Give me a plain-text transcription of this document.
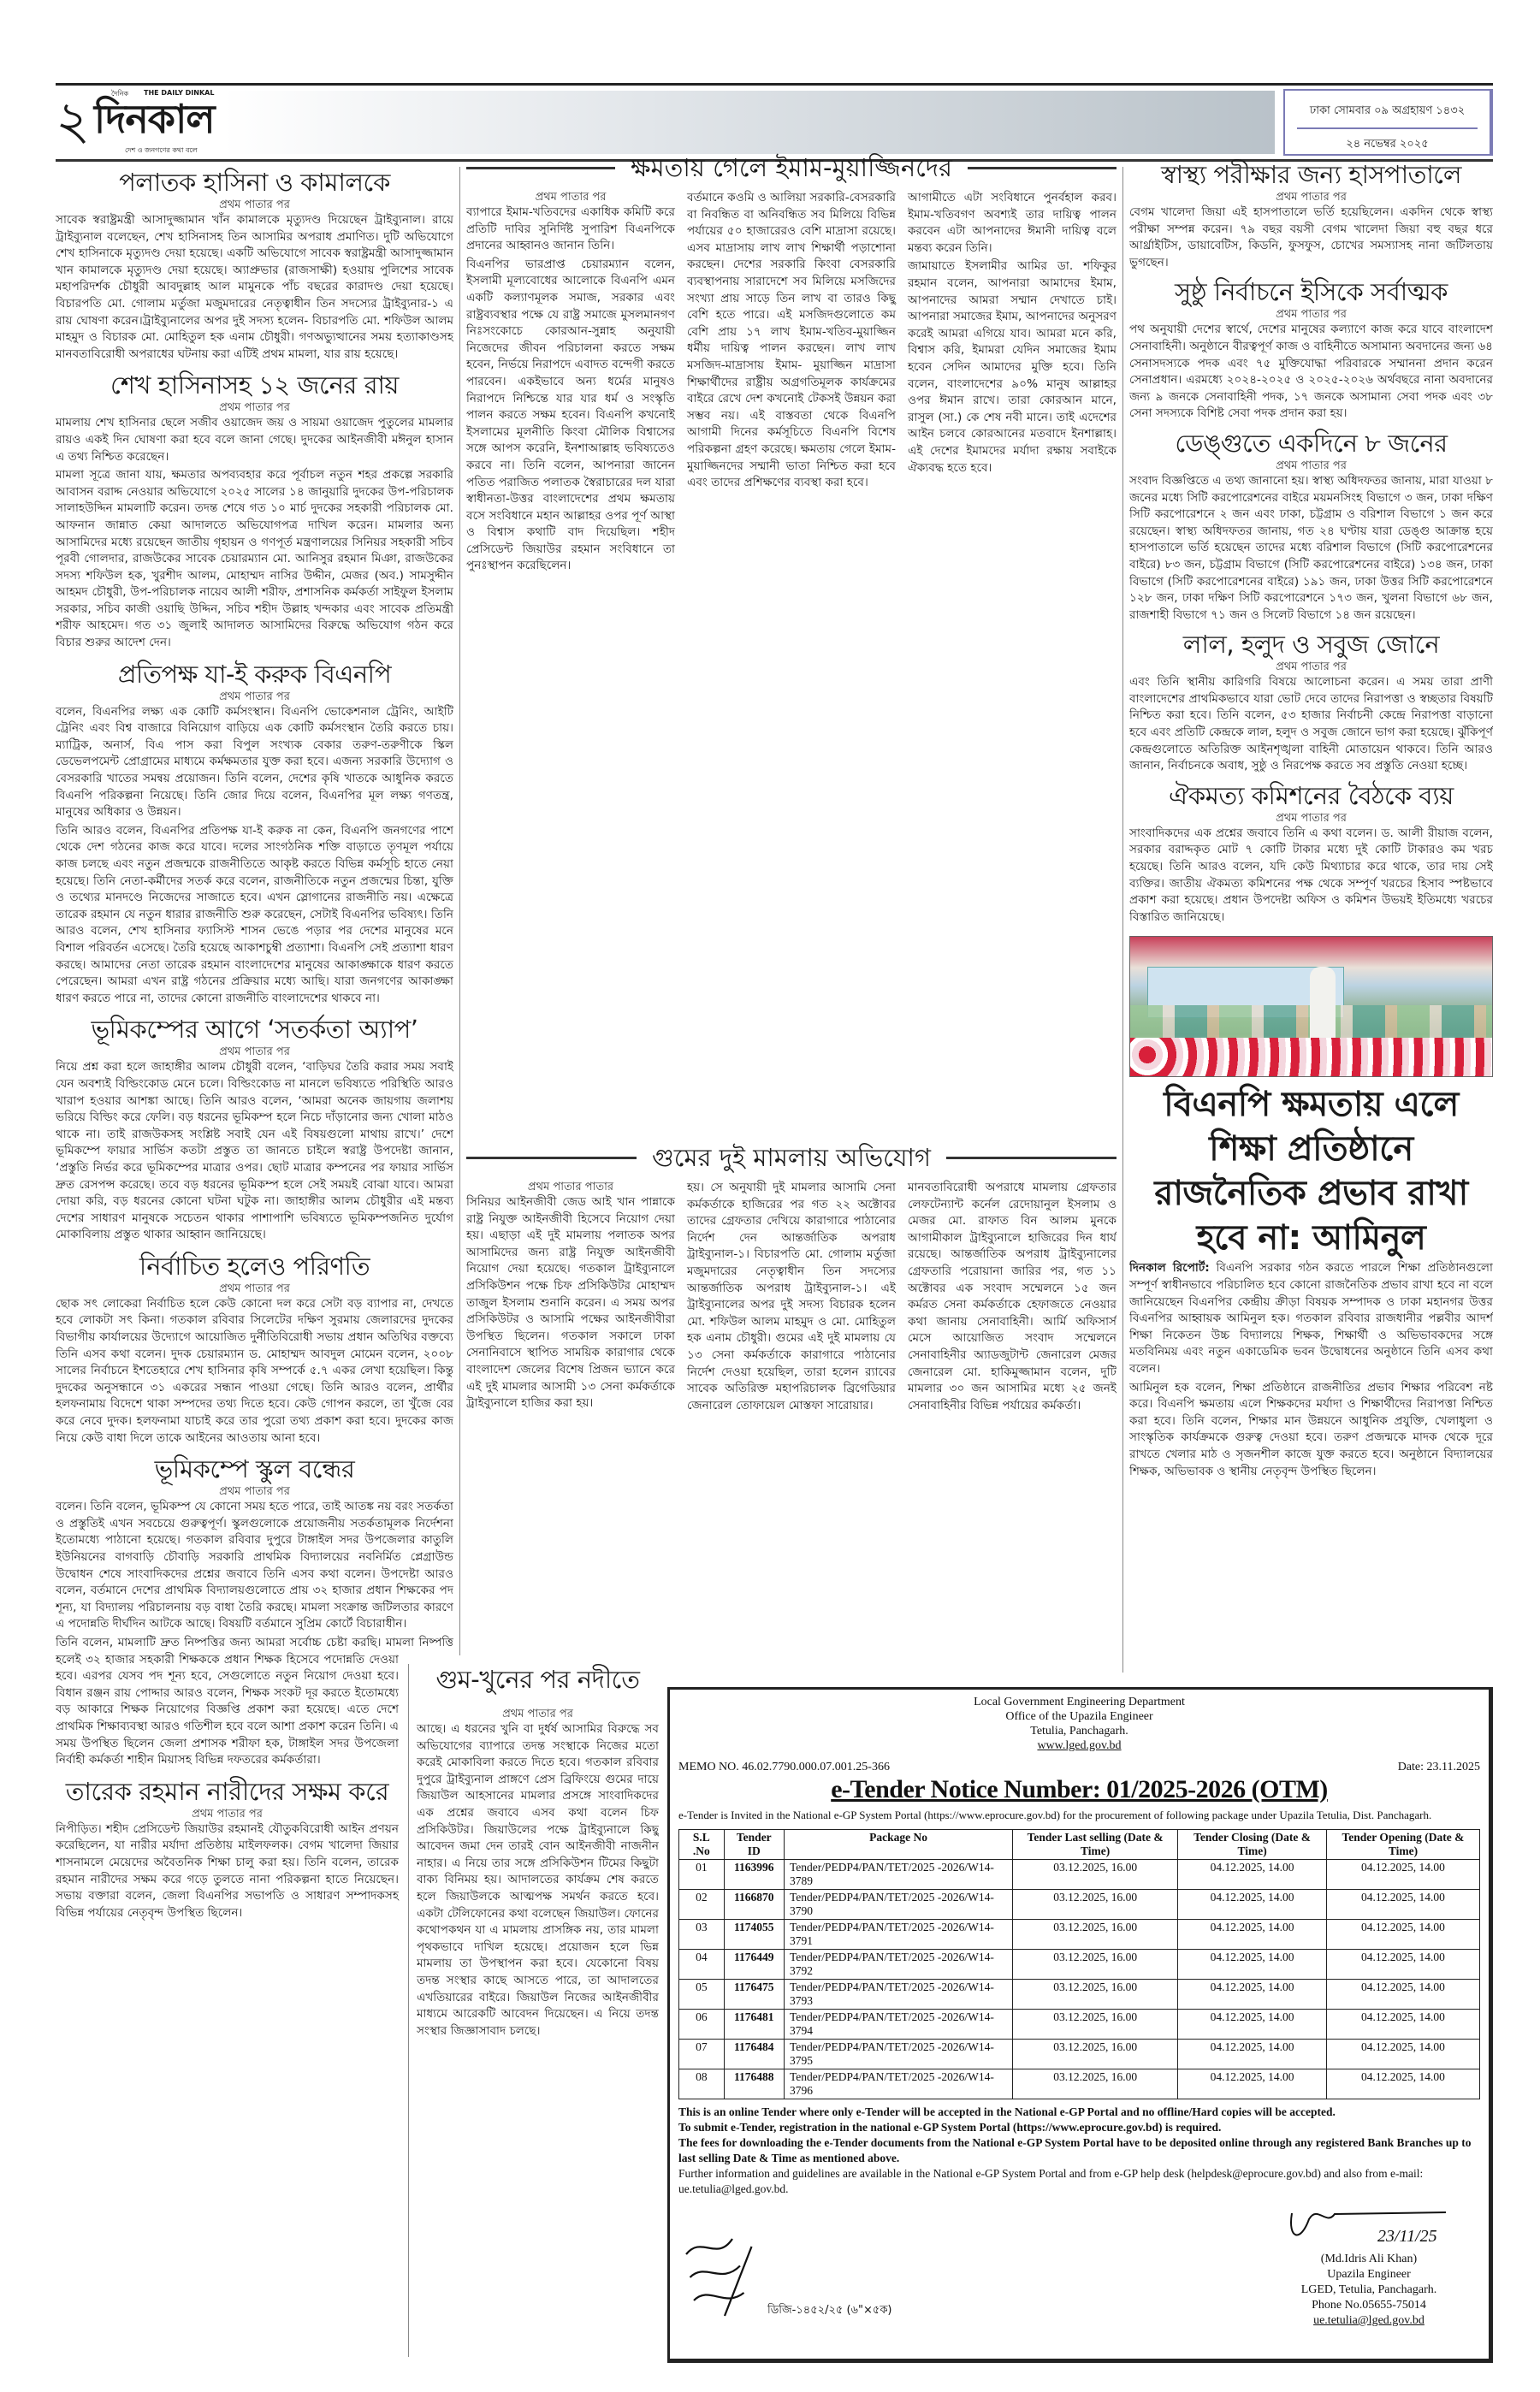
২	দৈনিক THE DAILY DINKAL
দিনকাল
দেশ ও জনগণের কথা বলে
ঢাকা সোমবার ০৯ অগ্রহায়ণ ১৪৩২
২৪ নভেম্বর ২০২৫
পলাতক হাসিনা ও কামালকে
প্রথম পাতার পর

সাবেক স্বরাষ্ট্রমন্ত্রী আসাদুজ্জামান খাঁন কামালকে মৃত্যুদণ্ড দিয়েছেন ট্রাইব্যুনাল। রায়ে ট্রাইব্যুনাল বলেছেন, শেখ হাসিনাসহ তিন আসামির অপরাধ প্রমাণিত। দুটি অভিযোগে শেখ হাসিনাকে মৃত্যুদণ্ড দেয়া হয়েছে। একটি অভিযোগে সাবেক স্বরাষ্ট্রমন্ত্রী আসাদুজ্জামান খান কামালকে মৃত্যুদণ্ড দেয়া হয়েছে। অ্যাপ্রুভার (রাজসাক্ষী) হওয়ায় পুলিশের সাবেক মহাপরিদর্শক চৌধুরী আবদুল্লাহ আল মামুনকে পাঁচ বছরের কারাদণ্ড দেয়া হয়েছে। বিচারপতি মো. গোলাম মর্তুজা মজুমদারের নেতৃত্বাধীন তিন সদস্যের ট্রাইব্যুনার-১ এ রায় ঘোষণা করেন।ট্রাইব্যুনালের অপর দুই সদস্য হলেন- বিচারপতি মো. শফিউল আলম মাহমুদ ও বিচারক মো. মোহিতুল হক এনাম চৌধুরী। গণঅভ্যুত্থানের সময় হত্যাকাণ্ডসহ মানবতাবিরোধী অপরাধের ঘটনায় করা এটিই প্রথম মামলা, যার রায় হয়েছে।

শেখ হাসিনাসহ ১২ জনের রায়
প্রথম পাতার পর

মামলায় শেখ হাসিনার ছেলে সজীব ওয়াজেদ জয় ও সায়মা ওয়াজেদ পুতুলের মামলার রায়ও একই দিন ঘোষণা করা হবে বলে জানা গেছে। দুদকের আইনজীবী মঈনুল হাসান এ তথ্য নিশ্চিত করেছেন।

মামলা সূত্রে জানা যায়, ক্ষমতার অপব্যবহার করে পূর্বাচল নতুন শহর প্রকল্পে সরকারি আবাসন বরাদ্দ নেওয়ার অভিযোগে ২০২৫ সালের ১৪ জানুয়ারি দুদকের উপ-পরিচালক সালাহউদ্দিন মামলাটি করেন। তদন্ত শেষে গত ১০ মার্চ দুদকের সহকারী পরিচালক মো. আফনান জান্নাত কেয়া আদালতে অভিযোগপত্র দাখিল করেন। মামলার অন্য আসামিদের মধ্যে রয়েছেন জাতীয় গৃহায়ন ও গণপূর্ত মন্ত্রণালয়ের সিনিয়র সহকারী সচিব পূরবী গোলদার, রাজউকের সাবেক চেয়ারম্যান মো. আনিসুর রহমান মিঞা, রাজউকের সদস্য শফিউল হক, খুরশীদ আলম, মোহাম্মদ নাসির উদ্দীন, মেজর (অব.) সামসুদ্দীন আহমদ চৌধুরী, উপ-পরিচালক নায়েব আলী শরীফ, প্রশাসনিক কর্মকর্তা সাইফুল ইসলাম সরকার, সচিব কাজী ওয়াছি উদ্দিন, সচিব শহীদ উল্লাহ খন্দকার এবং সাবেক প্রতিমন্ত্রী শরীফ আহমেদ। গত ৩১ জুলাই আদালত আসামিদের বিরুদ্ধে অভিযোগ গঠন করে বিচার শুরুর আদেশ দেন।

প্রতিপক্ষ যা-ই করুক বিএনপি
প্রথম পাতার পর

বলেন, বিএনপির লক্ষ্য এক কোটি কর্মসংস্থান। বিএনপি ভোকেশনাল ট্রেনিং, আইটি ট্রেনিং এবং বিশ্ব বাজারে বিনিয়োগ বাড়িয়ে এক কোটি কর্মসংস্থান তৈরি করতে চায়। ম্যাট্রিক, অনার্স, বিএ পাস করা বিপুল সংখ্যক বেকার তরুণ-তরুণীকে স্কিল ডেভেলপমেন্ট প্রোগ্রামের মাধ্যমে কর্মক্ষমতার যুক্ত করা হবে। এজন্য সরকারি উদ্যোগ ও বেসরকারি খাতের সমন্বয় প্রয়োজন। তিনি বলেন, দেশের কৃষি খাতকে আধুনিক করতে বিএনপি পরিকল্পনা নিয়েছে। তিনি জোর দিয়ে বলেন, বিএনপির মূল লক্ষ্য গণতন্ত্র, মানুষের অধিকার ও উন্নয়ন।

তিনি আরও বলেন, বিএনপির প্রতিপক্ষ যা-ই করুক না কেন, বিএনপি জনগণের পাশে থেকে দেশ গঠনের কাজ করে যাবে। দলের সাংগঠনিক শক্তি বাড়াতে তৃণমূল পর্যায়ে কাজ চলছে এবং নতুন প্রজন্মকে রাজনীতিতে আকৃষ্ট করতে বিভিন্ন কর্মসূচি হাতে নেয়া হয়েছে। তিনি নেতা-কর্মীদের সতর্ক করে বলেন, রাজনীতিকে নতুন প্রজন্মের চিন্তা, যুক্তি ও তথ্যের মানদণ্ডে নিজেদের সাজাতে হবে। এখন স্লোগানের রাজনীতি নয়। এক্ষেত্রে তারেক রহমান যে নতুন ধারার রাজনীতি শুরু করেছেন, সেটাই বিএনপির ভবিষ্যৎ। তিনি আরও বলেন, শেখ হাসিনার ফ্যাসিস্ট শাসন ভেঙে পড়ার পর দেশের মানুষের মনে বিশাল পরিবর্তন এসেছে। তৈরি হয়েছে আকাশচুম্বী প্রত্যাশা। বিএনপি সেই প্রত্যাশা ধারণ করছে। আমাদের নেতা তারেক রহমান বাংলাদেশের মানুষের আকাঙ্ক্ষাকে ধারণ করতে পেরেছেন। আমরা এখন রাষ্ট্র গঠনের প্রক্রিয়ার মধ্যে আছি। যারা জনগণের আকাঙ্ক্ষা ধারণ করতে পারে না, তাদের কোনো রাজনীতি বাংলাদেশের থাকবে না।

ভূমিকম্পের আগে ‘সতর্কতা অ্যাপ’
প্রথম পাতার পর

নিয়ে প্রশ্ন করা হলে জাহাঙ্গীর আলম চৌধুরী বলেন, ‘বাড়িঘর তৈরি করার সময় সবাই যেন অবশ্যই বিল্ডিংকোড মেনে চলে। বিল্ডিংকোড না মানলে ভবিষ্যতে পরিস্থিতি আরও খারাপ হওয়ার আশঙ্কা আছে। তিনি আরও বলেন, ‘আমরা অনেক জায়গায় জলাশয় ভরিয়ে বিল্ডিং করে ফেলি। বড় ধরনের ভূমিকম্প হলে নিচে দাঁড়ানোর জন্য খোলা মাঠও থাকে না। তাই রাজউকসহ সংশ্লিষ্ট সবাই যেন এই বিষয়গুলো মাথায় রাখে।’ দেশে ভূমিকম্পে ফায়ার সার্ভিস কতটা প্রস্তুত তা জানতে চাইলে স্বরাষ্ট্র উপদেষ্টা জানান, ‘প্রস্তুতি নির্ভর করে ভূমিকম্পের মাত্রার ওপর। ছোট মাত্রার কম্পনের পর ফায়ার সার্ভিস দ্রুত রেসপন্স করেছে। তবে বড় ধরনের ভূমিকম্প হলে সেই সময়ই বোঝা যাবে। আমরা দোয়া করি, বড় ধরনের কোনো ঘটনা ঘটুক না। জাহাঙ্গীর আলম চৌধুরীর এই মন্তব্য দেশের সাধারণ মানুষকে সচেতন থাকার পাশাপাশি ভবিষ্যতে ভূমিকম্পজনিত দুর্যোগ মোকাবিলায় প্রস্তুত থাকার আহ্বান জানিয়েছে।

নির্বাচিত হলেও পরিণতি
প্রথম পাতার পর

ছোক সৎ লোকেরা নির্বাচিত হলে কেউ কোনো দল করে সেটা বড় ব্যাপার না, দেখতে হবে লোকটা সৎ কিনা। গতকাল রবিবার সিলেটের দক্ষিণ সুরমায় জেলারদের দুদকের বিভাগীয় কার্যালয়ের উদ্যোগে আয়োজিত দুর্নীতিবিরোধী সভায় প্রধান অতিথির বক্তব্যে তিনি এসব কথা বলেন। দুদক চেয়ারম্যান ড. মোহাম্মদ আবদুল মোমেন বলেন, ২০০৮ সালের নির্বাচনে ইশতেহারে শেখ হাসিনার কৃষি সম্পর্কে ৫.৭ একর লেখা হয়েছিল। কিন্তু দুদকের অনুসন্ধানে ৩১ একরের সন্ধান পাওয়া গেছে। তিনি আরও বলেন, প্রার্থীর হলফনামায় বিদেশে থাকা সম্পদের তথ্য দিতে হবে। কেউ গোপন করলে, তা খুঁজে বের করে নেবে দুদক। হলফনামা যাচাই করে তার পুরো তথ্য প্রকাশ করা হবে। দুদকের কাজ নিয়ে কেউ বাধা দিলে তাকে আইনের আওতায় আনা হবে।

ভূমিকম্পে স্কুল বন্ধের
প্রথম পাতার পর

বলেন। তিনি বলেন, ভূমিকম্প যে কোনো সময় হতে পারে, তাই আতঙ্ক নয় বরং সতর্কতা ও প্রস্তুতিই এখন সবচেয়ে গুরুত্বপূর্ণ। স্কুলগুলোকে প্রয়োজনীয় সতর্কতামূলক নির্দেশনা ইতোমধ্যে পাঠানো হয়েছে। গতকাল রবিবার দুপুরে টাঙ্গাইল সদর উপজেলার কাতুলি ইউনিয়নের বাগবাড়ি চৌবাড়ি সরকারি প্রাথমিক বিদ্যালয়ের নবনির্মিত প্লেগ্রাউন্ড উদ্বোধন শেষে সাংবাদিকদের প্রশ্নের জবাবে তিনি এসব কথা বলেন। উপদেষ্টা আরও বলেন, বর্তমানে দেশের প্রাথমিক বিদ্যালয়গুলোতে প্রায় ৩২ হাজার প্রধান শিক্ষকের পদ শূন্য, যা বিদ্যালয় পরিচালনায় বড় বাধা তৈরি করছে। মামলা সংক্রান্ত জটিলতার কারণে এ পদোন্নতি দীর্ঘদিন আটকে আছে। বিষয়টি বর্তমানে সুপ্রিম কোর্টে বিচারাধীন।

তিনি বলেন, মামলাটি দ্রুত নিষ্পত্তির জন্য আমরা সর্বোচ্চ চেষ্টা করছি। মামলা নিষ্পত্তি হলেই ৩২ হাজার সহকারী শিক্ষককে প্রধান শিক্ষক হিসেবে পদোন্নতি দেওয়া হবে। এরপর যেসব পদ শূন্য হবে, সেগুলোতে নতুন নিয়োগ দেওয়া হবে। বিধান রঞ্জন রায় পোদ্দার আরও বলেন, শিক্ষক সংকট দূর করতে ইতোমধ্যে বড় আকারে শিক্ষক নিয়োগের বিজ্ঞপ্তি প্রকাশ করা হয়েছে। এতে দেশে প্রাথমিক শিক্ষাব্যবস্থা আরও গতিশীল হবে বলে আশা প্রকাশ করেন তিনি। এ সময় উপস্থিত ছিলেন জেলা প্রশাসক শরীফা হক, টাঙ্গাইল সদর উপজেলা নির্বাহী কর্মকর্তা শাহীন মিয়াসহ বিভিন্ন দফতরের কর্মকর্তারা।

তারেক রহমান নারীদের সক্ষম করে
প্রথম পাতার পর

নিপীড়িত। শহীদ প্রেসিডেন্ট জিয়াউর রহমানই যৌতুকবিরোধী আইন প্রণয়ন করেছিলেন, যা নারীর মর্যাদা প্রতিষ্ঠায় মাইলফলক। বেগম খালেদা জিয়ার শাসনামলে মেয়েদের অবৈতনিক শিক্ষা চালু করা হয়। তিনি বলেন, তারেক রহমান নারীদের সক্ষম করে গড়ে তুলতে নানা পরিকল্পনা হাতে নিয়েছেন। সভায় বক্তারা বলেন, জেলা বিএনপির সভাপতি ও সাধারণ সম্পাদকসহ বিভিন্ন পর্যায়ের নেতৃবৃন্দ উপস্থিত ছিলেন।

ক্ষমতায় গেলে ইমাম-মুয়াজ্জিনদের
প্রথম পাতার পর

ব্যাপারে ইমাম-খতিবদের একাধিক কমিটি করে প্রতিটি দাবির সুনির্দিষ্ট সুপারিশ বিএনপিকে প্রদানের আহ্বানও জানান তিনি।

বিএনপির ভারপ্রাপ্ত চেয়ারম্যান বলেন, ইসলামী মূল্যবোধের আলোকে বিএনপি এমন একটি কল্যাণমূলক সমাজ, সরকার এবং রাষ্ট্রব্যবস্থার পক্ষে যে রাষ্ট্র সমাজে মুসলমানগণ নিঃসংকোচে কোরআন-সুন্নাহ অনুযায়ী নিজেদের জীবন পরিচালনা করতে সক্ষম হবেন, নির্ভয়ে নিরাপদে এবাদত বন্দেগী করতে পারবেন। একইভাবে অন্য ধর্মের মানুষও নিরাপদে নিশ্চিন্তে যার যার ধর্ম ও সংস্কৃতি পালন করতে সক্ষম হবেন। বিএনপি কখনোই ইসলামের মূলনীতি কিংবা মৌলিক বিশ্বাসের সঙ্গে আপস করেনি, ইনশাআল্লাহ ভবিষ্যতেও করবে না। তিনি বলেন, আপনারা জানেন পতিত পরাজিত পলাতক স্বৈরাচারের দল যারা স্বাধীনতা-উত্তর বাংলাদেশের প্রথম ক্ষমতায় বসে সংবিধানে মহান আল্লাহর ওপর পূর্ণ আস্থা ও বিশ্বাস কথাটি বাদ দিয়েছিল। শহীদ প্রেসিডেন্ট জিয়াউর রহমান সংবিধানে তা পুনঃস্থাপন করেছিলেন।

বর্তমানে কওমি ও আলিয়া সরকারি-বেসরকারি বা নিবন্ধিত বা অনিবন্ধিত সব মিলিয়ে বিভিন্ন পর্যায়ের ৫০ হাজারেরও বেশি মাদ্রাসা রয়েছে। এসব মাদ্রাসায় লাখ লাখ শিক্ষার্থী পড়াশোনা করছেন। দেশের সরকারি কিংবা বেসরকারি ব্যবস্থাপনায় সারাদেশে সব মিলিয়ে মসজিদের সংখ্যা প্রায় সাড়ে তিন লাখ বা তারও কিছু বেশি হতে পারে। এই মসজিদগুলোতে কম বেশি প্রায় ১৭ লাখ ইমাম-খতিব-মুয়াজ্জিন ধর্মীয় দায়িত্ব পালন করছেন। লাখ লাখ মসজিদ-মাদ্রাসায় ইমাম- মুয়াজ্জিন মাদ্রাসা শিক্ষার্থীদের রাষ্ট্রীয় অগ্রগতিমূলক কার্যক্রমের বাইরে রেখে দেশ কখনোই টেকসই উন্নয়ন করা সম্ভব নয়। এই বাস্তবতা থেকে বিএনপি আগামী দিনের কর্মসূচিতে বিএনপি বিশেষ পরিকল্পনা গ্রহণ করেছে। ক্ষমতায় গেলে ইমাম-মুয়াজ্জিনদের সম্মানী ভাতা নিশ্চিত করা হবে এবং তাদের প্রশিক্ষণের ব্যবস্থা করা হবে।

আগামীতে এটা সংবিধানে পুনর্বহাল করব। ইমাম-খতিবগণ অবশ্যই তার দায়িত্ব পালন করবেন এটা আপনাদের ঈমানী দায়িত্ব বলে মন্তব্য করেন তিনি।

জামায়াতে ইসলামীর আমির ডা. শফিকুর রহমান বলেন, আপনারা আমাদের ইমাম, আপনাদের আমরা সম্মান দেখাতে চাই। আপনারা সমাজের ইমাম, আপনাদের অনুসরণ করেই আমরা এগিয়ে যাব। আমরা মনে করি, বিশ্বাস করি, ইমামরা যেদিন সমাজের ইমাম হবেন সেদিন আমাদের মুক্তি হবে। তিনি বলেন, বাংলাদেশের ৯০% মানুষ আল্লাহর ওপর ঈমান রাখে। তারা কোরআন মানে, রাসুল (সা.) কে শেষ নবী মানে। তাই এদেশের আইন চলবে কোরআনের মতবাদে ইনশাল্লাহ। এই দেশের ইমামদের মর্যাদা রক্ষায় সবাইকে ঐক্যবদ্ধ হতে হবে।

গুমের দুই মামলায় অভিযোগ
প্রথম পাতার পাতার

সিনিয়র আইনজীবী জেড আই খান পান্নাকে রাষ্ট্র নিযুক্ত আইনজীবী হিসেবে নিয়োগ দেয়া হয়। এছাড়া এই দুই মামলায় পলাতক অপর আসামিদের জন্য রাষ্ট্র নিযুক্ত আইনজীবী নিয়োগ দেয়া হয়েছে। গতকাল ট্রাইব্যুনালে প্রসিকিউশন পক্ষে চিফ প্রসিকিউটর মোহাম্মদ তাজুল ইসলাম শুনানি করেন। এ সময় অপর প্রসিকিউটর ও আসামি পক্ষের আইনজীবীরা উপস্থিত ছিলেন। গতকাল সকালে ঢাকা সেনানিবাসে স্থাপিত সাময়িক কারাগার থেকে বাংলাদেশ জেলের বিশেষ প্রিজন ভ্যানে করে এই দুই মামলার আসামী ১৩ সেনা কর্মকর্তাকে ট্রাইব্যুনালে হাজির করা হয়।

হয়। সে অনুযায়ী দুই মামলার আসামি সেনা কর্মকর্তাকে হাজিরের পর গত ২২ অক্টোবর তাদের গ্রেফতার দেখিয়ে কারাগারে পাঠানোর নির্দেশ দেন আন্তর্জাতিক অপরাধ ট্রাইব্যুনাল-১। বিচারপতি মো. গোলাম মর্তুজা মজুমদারের নেতৃত্বাধীন তিন সদস্যের আন্তর্জাতিক অপরাধ ট্রাইব্যুনাল-১। এই ট্রাইব্যুনালের অপর দুই সদস্য বিচারক হলেন মো. শফিউল আলম মাহমুদ ও মো. মোহিতুল হক এনাম চৌধুরী। গুমের এই দুই মামলায় যে ১৩ সেনা কর্মকর্তাকে কারাগারে পাঠানোর নির্দেশ দেওয়া হয়েছিল, তারা হলেন র‍্যাবের সাবেক অতিরিক্ত মহাপরিচালক ব্রিগেডিয়ার জেনারেল তোফায়েল মোস্তফা সারোয়ার।

মানবতাবিরোধী অপরাধে মামলায় গ্রেফতার লেফটেন্যান্ট কর্নেল রেদোয়ানুল ইসলাম ও মেজর মো. রাফাত বিন আলম মুনকে আগামীকাল ট্রাইব্যুনালে হাজিরের দিন ধার্য রয়েছে। আন্তর্জাতিক অপরাধ ট্রাইব্যুনালের গ্রেফতারি পরোয়ানা জারির পর, গত ১১ অক্টোবর এক সংবাদ সম্মেলনে ১৫ জন কর্মরত সেনা কর্মকর্তাকে হেফাজতে নেওয়ার কথা জানায় সেনাবাহিনী। আর্মি অফিসার্স মেসে আয়োজিত সংবাদ সম্মেলনে সেনাবাহিনীর অ্যাডজুটান্ট জেনারেল মেজর জেনারেল মো. হাকিমুজ্জামান বলেন, দুটি মামলার ৩০ জন আসামির মধ্যে ২৫ জনই সেনাবাহিনীর বিভিন্ন পর্যায়ের কর্মকর্তা।

গুম-খুনের পর নদীতে
প্রথম পাতার পর

আছে। এ ধরনের খুনি বা দুর্ধর্ষ আসামির বিরুদ্ধে সব অভিযোগের ব্যাপারে তদন্ত সংস্থাকে নিজের মতো করেই মোকাবিলা করতে দিতে হবে। গতকাল রবিবার দুপুরে ট্রাইব্যুনাল প্রাঙ্গণে প্রেস ব্রিফিংয়ে গুমের দায়ে জিয়াউল আহসানের মামলার প্রসঙ্গে সাংবাদিকদের এক প্রশ্নের জবাবে এসব কথা বলেন চিফ প্রসিকিউটর। জিয়াউলের পক্ষে ট্রাইব্যুনালে কিছু আবেদন জমা দেন তারই বোন আইনজীবী নাজনীন নাহার। এ নিয়ে তার সঙ্গে প্রসিকিউশন টিমের কিছুটা বাক্য বিনিময় হয়। আদালতের কার্যক্রম শেষ করতে হলে জিয়াউলকে আত্মপক্ষ সমর্থন করতে হবে। একটা টেলিফোনের কথা বলেছেন জিয়াউল। ফোনের কথোপকথন যা এ মামলায় প্রাসঙ্গিক নয়, তার মামলা পৃথকভাবে দাখিল হয়েছে। প্রয়োজন হলে ভিন্ন মামলায় তা উপস্থাপন করা হবে। যেকোনো বিষয় তদন্ত সংস্থার কাছে আসতে পারে, তা আদালতের এখতিয়ারের বাইরে। জিয়াউল নিজের আইনজীবীর মাধ্যমে আরেকটি আবেদন দিয়েছেন। এ নিয়ে তদন্ত সংস্থার জিজ্ঞাসাবাদ চলছে।

স্বাস্থ্য পরীক্ষার জন্য হাসপাতালে
প্রথম পাতার পর

বেগম খালেদা জিয়া এই হাসপাতালে ভর্তি হয়েছিলেন। একদিন থেকে স্বাস্থ্য পরীক্ষা সম্পন্ন করেন। ৭৯ বছর বয়সী বেগম খালেদা জিয়া বহু বছর ধরে আর্থ্রাইটিস, ডায়াবেটিস, কিডনি, ফুসফুস, চোখের সমস্যাসহ নানা জটিলতায় ভুগছেন।

সুষ্ঠু নির্বাচনে ইসিকে সর্বাত্মক
প্রথম পাতার পর

পথ অনুযায়ী দেশের স্বার্থে, দেশের মানুষের কল্যাণে কাজ করে যাবে বাংলাদেশ সেনাবাহিনী। অনুষ্ঠানে বীরত্বপূর্ণ কাজ ও বাহিনীতে অসামান্য অবদানের জন্য ৬৪ সেনাসদস্যকে পদক এবং ৭৫ মুক্তিযোদ্ধা পরিবারকে সম্মাননা প্রদান করেন সেনাপ্রধান। এরমধ্যে ২০২৪-২০২৫ ও ২০২৫-২০২৬ অর্থবছরে নানা অবদানের জন্য ৯ জনকে সেনাবাহিনী পদক, ১৭ জনকে অসামান্য সেবা পদক এবং ৩৮ সেনা সদস্যকে বিশিষ্ট সেবা পদক প্রদান করা হয়।

ডেঙ্গুতে একদিনে ৮ জনের
প্রথম পাতার পর

সংবাদ বিজ্ঞপ্তিতে এ তথ্য জানানো হয়। স্বাস্থ্য অধিদফতর জানায়, মারা যাওয়া ৮ জনের মধ্যে সিটি করপোরেশনের বাইরে ময়মনসিংহ বিভাগে ৩ জন, ঢাকা দক্ষিণ সিটি করপোরেশনে ২ জন এবং ঢাকা, চট্টগ্রাম ও বরিশাল বিভাগে ১ জন করে রয়েছেন। স্বাস্থ্য অধিদফতর জানায়, গত ২৪ ঘণ্টায় যারা ডেঙ্গু আক্রান্ত হয়ে হাসপাতালে ভর্তি হয়েছেন তাদের মধ্যে বরিশাল বিভাগে (সিটি করপোরেশনের বাইরে) ৮৩ জন, চট্টগ্রাম বিভাগে (সিটি করপোরেশনের বাইরে) ১৩৪ জন, ঢাকা বিভাগে (সিটি করপোরেশনের বাইরে) ১৯১ জন, ঢাকা উত্তর সিটি করপোরেশনে ১২৮ জন, ঢাকা দক্ষিণ সিটি করপোরেশনে ১৭৩ জন, খুলনা বিভাগে ৬৮ জন, রাজশাহী বিভাগে ৭১ জন ও সিলেট বিভাগে ১৪ জন রয়েছেন।

লাল, হলুদ ও সবুজ জোনে
প্রথম পাতার পর

এবং তিনি স্থানীয় কারিগরি বিষয়ে আলোচনা করেন। এ সময় তারা প্রাণী বাংলাদেশের প্রাথমিকভাবে যারা ভোট দেবে তাদের নিরাপত্তা ও স্বচ্ছতার বিষয়টি নিশ্চিত করা হবে। তিনি বলেন, ৫৩ হাজার নির্বাচনী কেন্দ্রে নিরাপত্তা বাড়ানো হবে এবং প্রতিটি কেন্দ্রকে লাল, হলুদ ও সবুজ জোনে ভাগ করা হয়েছে। ঝুঁকিপূর্ণ কেন্দ্রগুলোতে অতিরিক্ত আইনশৃঙ্খলা বাহিনী মোতায়েন থাকবে। তিনি আরও জানান, নির্বাচনকে অবাধ, সুষ্ঠু ও নিরপেক্ষ করতে সব প্রস্তুতি নেওয়া হচ্ছে।

ঐকমত্য কমিশনের বৈঠকে ব্যয়
প্রথম পাতার পর

সাংবাদিকদের এক প্রশ্নের জবাবে তিনি এ কথা বলেন। ড. আলী রীয়াজ বলেন, সরকার বরাদ্দকৃত মোট ৭ কোটি টাকার মধ্যে দুই কোটি টাকারও কম খরচ হয়েছে। তিনি আরও বলেন, যদি কেউ মিথ্যাচার করে থাকে, তার দায় সেই ব্যক্তির। জাতীয় ঐকমত্য কমিশনের পক্ষ থেকে সম্পূর্ণ খরচের হিসাব স্পষ্টভাবে প্রকাশ করা হয়েছে। প্রধান উপদেষ্টা অফিস ও কমিশন উভয়ই ইতিমধ্যে খরচের বিস্তারিত জানিয়েছে।

বিএনপি ক্ষমতায় এলে শিক্ষা প্রতিষ্ঠানে রাজনৈতিক প্রভাব রাখা হবে না: আমিনুল

দিনকাল রিপোর্ট: বিএনপি সরকার গঠন করতে পারলে শিক্ষা প্রতিষ্ঠানগুলো সম্পূর্ণ স্বাধীনভাবে পরিচালিত হবে কোনো রাজনৈতিক প্রভাব রাখা হবে না বলে জানিয়েছেন বিএনপির কেন্দ্রীয় ক্রীড়া বিষয়ক সম্পাদক ও ঢাকা মহানগর উত্তর বিএনপির আহ্বায়ক আমিনুল হক। গতকাল রবিবার রাজধানীর পল্লবীর আদর্শ শিক্ষা নিকেতন উচ্চ বিদ্যালয়ে শিক্ষক, শিক্ষার্থী ও অভিভাবকদের সঙ্গে মতবিনিময় এবং নতুন একাডেমিক ভবন উদ্বোধনের অনুষ্ঠানে তিনি এসব কথা বলেন।

আমিনুল হক বলেন, শিক্ষা প্রতিষ্ঠানে রাজনীতির প্রভাব শিক্ষার পরিবেশ নষ্ট করে। বিএনপি ক্ষমতায় এলে শিক্ষকদের মর্যাদা ও শিক্ষার্থীদের নিরাপত্তা নিশ্চিত করা হবে। তিনি বলেন, শিক্ষার মান উন্নয়নে আধুনিক প্রযুক্তি, খেলাধুলা ও সাংস্কৃতিক কার্যক্রমকে গুরুত্ব দেওয়া হবে। তরুণ প্রজন্মকে মাদক থেকে দূরে রাখতে খেলার মাঠ ও সৃজনশীল কাজে যুক্ত করতে হবে। অনুষ্ঠানে বিদ্যালয়ের শিক্ষক, অভিভাবক ও স্থানীয় নেতৃবৃন্দ উপস্থিত ছিলেন।

Local Government Engineering Department
Office of the Upazila Engineer
Tetulia, Panchagarh.
www.lged.gov.bd
MEMO NO. 46.02.7790.000.07.001.25-366	Date: 23.11.2025
e-Tender Notice Number: 01/2025-2026 (OTM)
e-Tender is Invited in the National e-GP System Portal (https://www.eprocure.gov.bd) for the procurement of following package under Upazila Tetulia, Dist. Panchagarh.
S.L .No	Tender ID	Package No	Tender Last selling (Date & Time)	Tender Closing (Date & Time)	Tender Opening (Date & Time)
01	1163996	Tender/PEDP4/PAN/TET/2025 -2026/W14-3789	03.12.2025, 16.00	04.12.2025, 14.00	04.12.2025, 14.00
02	1166870	Tender/PEDP4/PAN/TET/2025 -2026/W14-3790	03.12.2025, 16.00	04.12.2025, 14.00	04.12.2025, 14.00
03	1174055	Tender/PEDP4/PAN/TET/2025 -2026/W14-3791	03.12.2025, 16.00	04.12.2025, 14.00	04.12.2025, 14.00
04	1176449	Tender/PEDP4/PAN/TET/2025 -2026/W14-3792	03.12.2025, 16.00	04.12.2025, 14.00	04.12.2025, 14.00
05	1176475	Tender/PEDP4/PAN/TET/2025 -2026/W14-3793	03.12.2025, 16.00	04.12.2025, 14.00	04.12.2025, 14.00
06	1176481	Tender/PEDP4/PAN/TET/2025 -2026/W14-3794	03.12.2025, 16.00	04.12.2025, 14.00	04.12.2025, 14.00
07	1176484	Tender/PEDP4/PAN/TET/2025 -2026/W14-3795	03.12.2025, 16.00	04.12.2025, 14.00	04.12.2025, 14.00
08	1176488	Tender/PEDP4/PAN/TET/2025 -2026/W14-3796	03.12.2025, 16.00	04.12.2025, 14.00	04.12.2025, 14.00
This is an online Tender where only e-Tender will be accepted in the National e-GP Portal and no offline/Hard copies will be accepted.
To submit e-Tender, registration in the national e-GP System Portal (https://www.eprocure.gov.bd) is required.
The fees for downloading the e-Tender documents from the National e-GP System Portal have to be deposited online through any registered Bank Branches up to last selling Date & Time as mentioned above.
Further information and guidelines are available in the National e-GP System Portal and from e-GP help desk (helpdesk@eprocure.gov.bd) and also from e-mail: ue.tetulia@lged.gov.bd.
ডিজি-১৪৫২/২৫ (৬"×৫ক)
23/11/25
(Md.Idris Ali Khan)
Upazila Engineer
LGED, Tetulia, Panchagarh.
Phone No.05655-75014
ue.tetulia@lged.gov.bd
